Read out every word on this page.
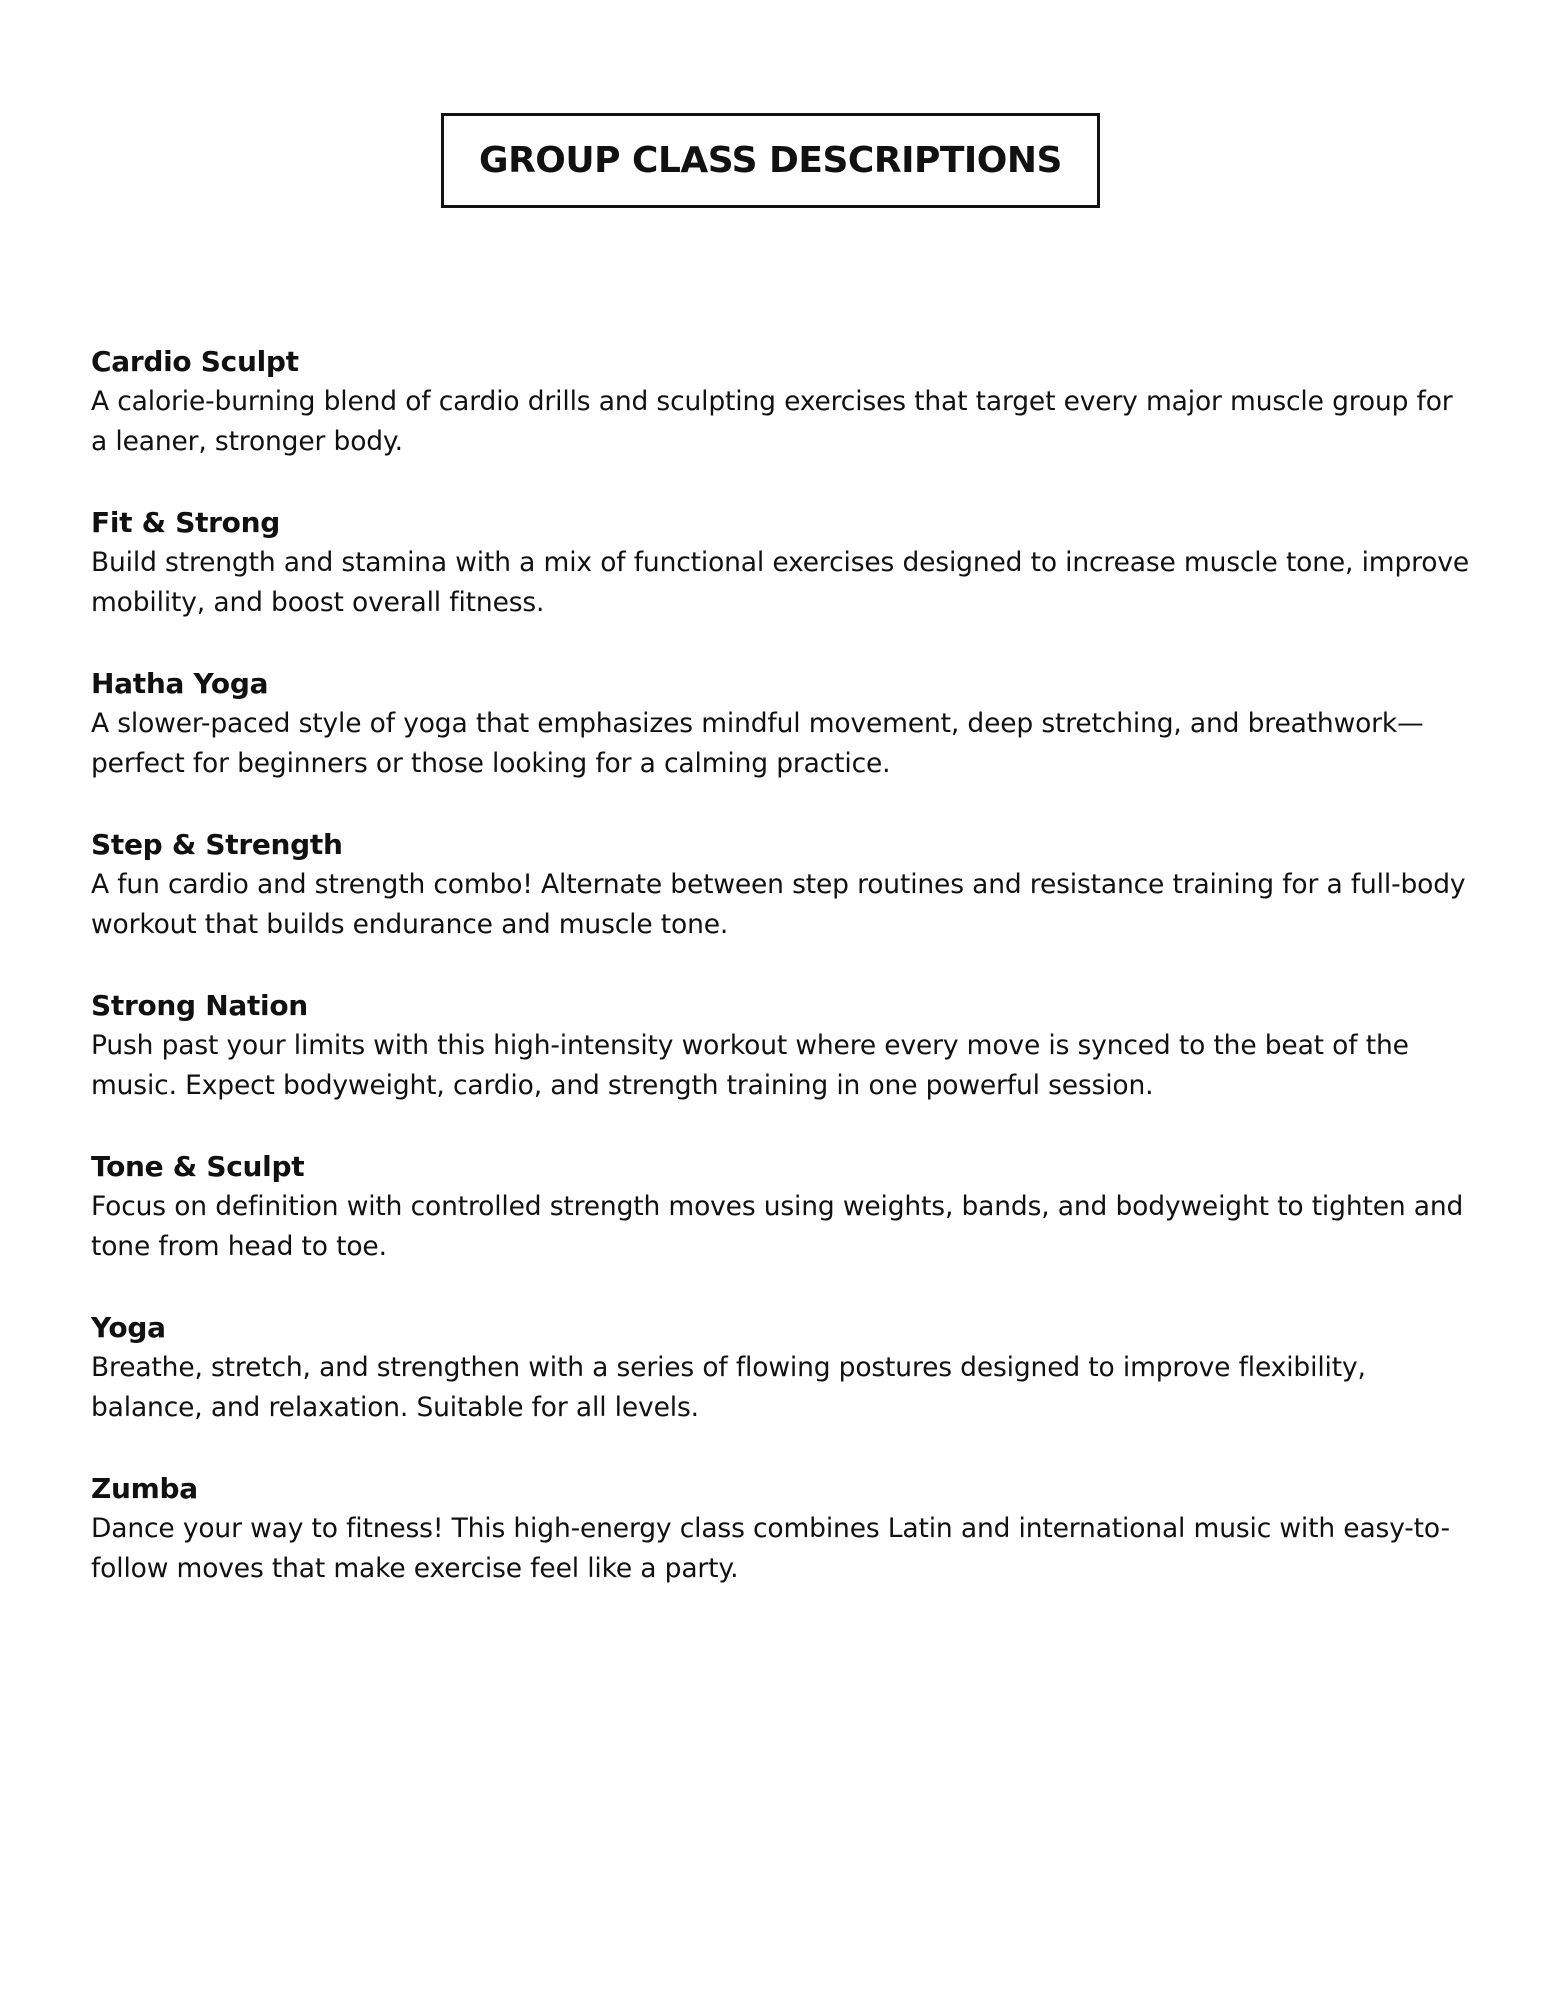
GROUP CLASS DESCRIPTIONS
Cardio Sculpt
A calorie-burning blend of cardio drills and sculpting exercises that target every major muscle group for a leaner, stronger body.
Fit & Strong
Build strength and stamina with a mix of functional exercises designed to increase muscle tone, improve mobility, and boost overall fitness.
Hatha Yoga
A slower-paced style of yoga that emphasizes mindful movement, deep stretching, and breathwork—perfect for beginners or those looking for a calming practice.
Step & Strength
A fun cardio and strength combo! Alternate between step routines and resistance training for a full-body workout that builds endurance and muscle tone.
Strong Nation
Push past your limits with this high-intensity workout where every move is synced to the beat of the music. Expect bodyweight, cardio, and strength training in one powerful session.
Tone & Sculpt
Focus on definition with controlled strength moves using weights, bands, and bodyweight to tighten and tone from head to toe.
Yoga
Breathe, stretch, and strengthen with a series of flowing postures designed to improve flexibility, balance, and relaxation. Suitable for all levels.
Zumba
Dance your way to fitness! This high-energy class combines Latin and international music with easy-to-follow moves that make exercise feel like a party.
